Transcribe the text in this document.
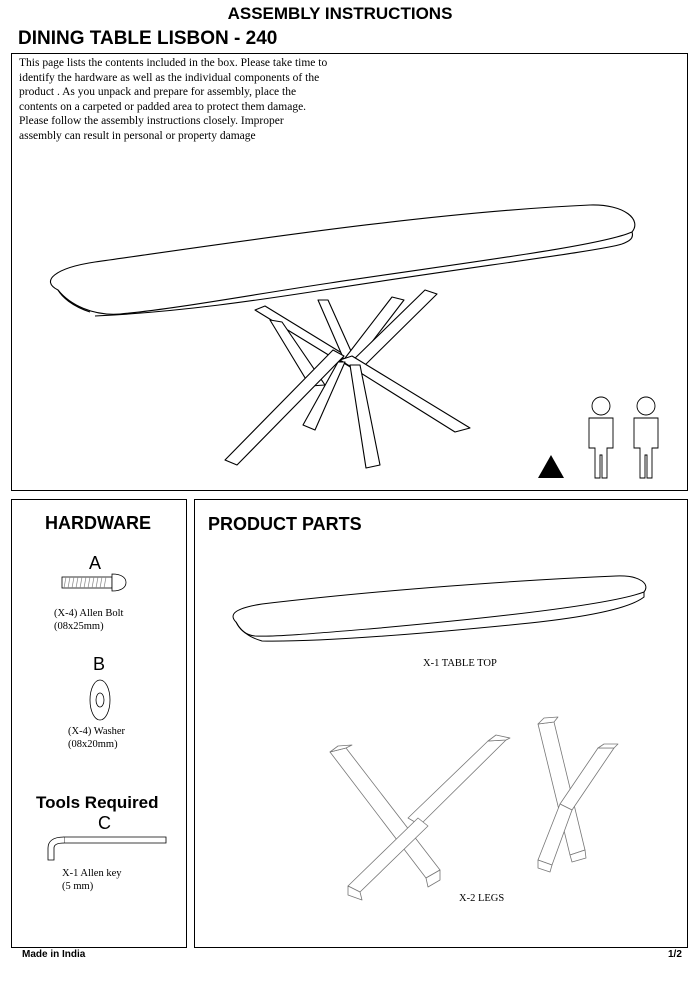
ASSEMBLY INSTRUCTIONS
DINING TABLE LISBON - 240
This page lists the contents included in the box. Please take time to identify the hardware as well as the individual components of the product . As you unpack and prepare for assembly, place the contents on a carpeted or padded area to protect them damage. Please follow the assembly instructions closely. Improper assembly can result in personal or property damage
HARDWARE
A
(X-4) Allen Bolt
(08x25mm)
B
(X-4) Washer
(08x20mm)
Tools Required
C
X-1 Allen key
(5 mm)
PRODUCT PARTS
X-1 TABLE TOP
X-2 LEGS
Made in India	1/2
